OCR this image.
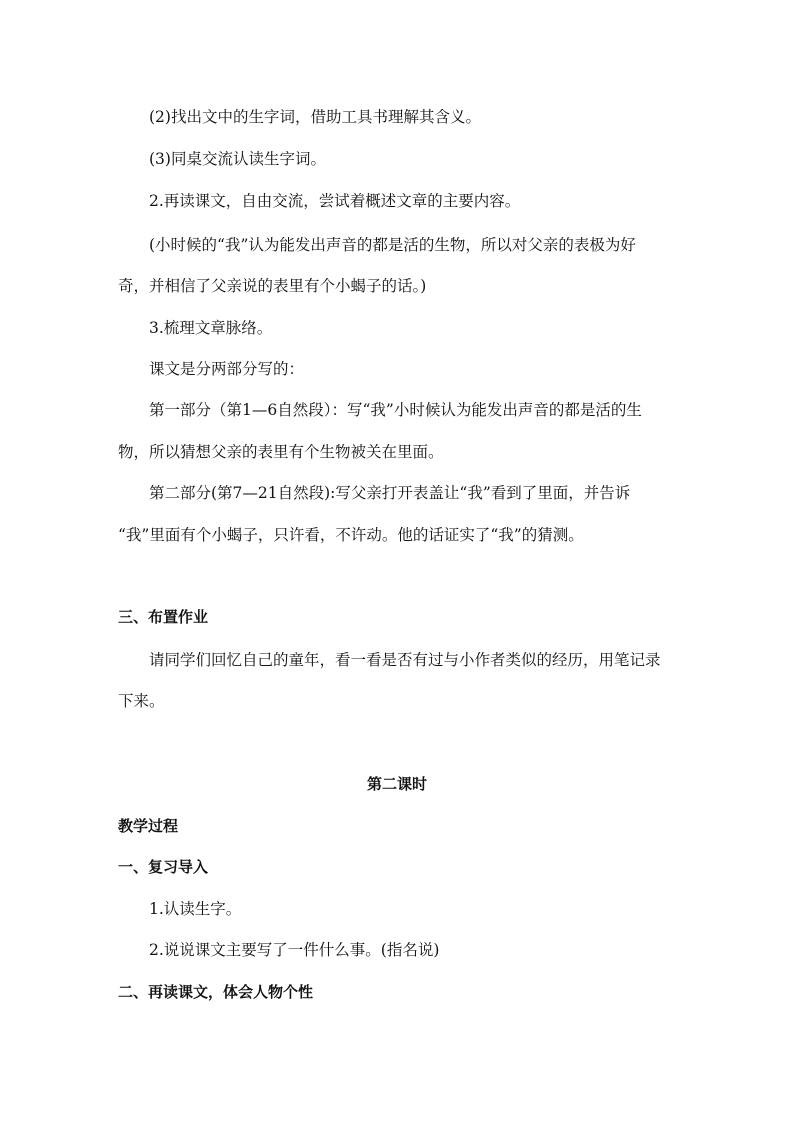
(2)找出文中的生字词，借助工具书理解其含义。
(3)同桌交流认读生字词。
2.再读课文，自由交流，尝试着概述文章的主要内容。
(小时候的“我”认为能发出声音的都是活的生物，所以对父亲的表极为好
奇，并相信了父亲说的表里有个小蝎子的话。)
3.梳理文章脉络。
课文是分两部分写的：
第一部分（第1—6自然段）：写“我”小时候认为能发出声音的都是活的生
物，所以猜想父亲的表里有个生物被关在里面。
第二部分(第7—21自然段):写父亲打开表盖让“我”看到了里面，并告诉
“我”里面有个小蝎子，只许看，不许动。他的话证实了“我”的猜测。
三、布置作业
请同学们回忆自己的童年，看一看是否有过与小作者类似的经历，用笔记录
下来。
第二课时
教学过程
一、复习导入
1.认读生字。
2.说说课文主要写了一件什么事。(指名说)
二、再读课文，体会人物个性
